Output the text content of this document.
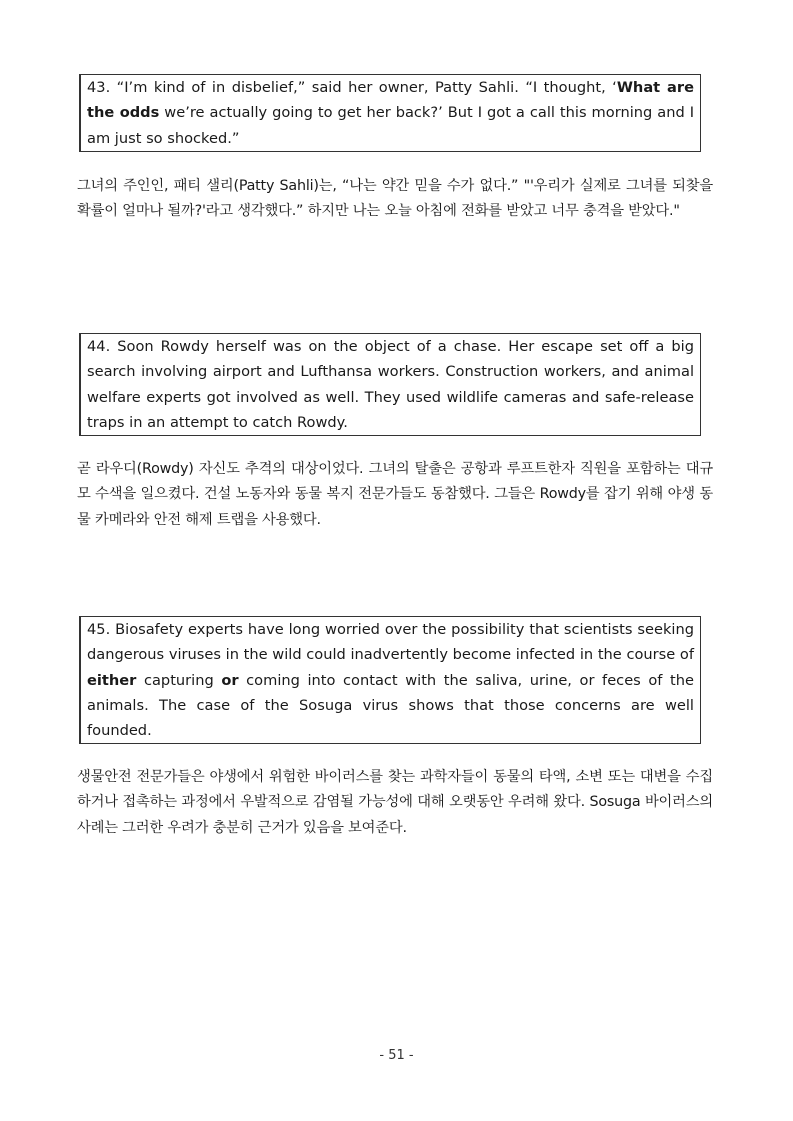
43. “I’m kind of in disbelief,” said her owner, Patty Sahli. “I thought, ‘What are the odds we’re actually going to get her back?’ But I got a call this morning and I am just so shocked.”
그녀의 주인인, 패티 샐리(Patty Sahli)는, “나는 약간 믿을 수가 없다.” "'우리가 실제로 그녀를 되찾을 확률이 얼마나 될까?'라고 생각했다.” 하지만 나는 오늘 아침에 전화를 받았고 너무 충격을 받았다."
44. Soon Rowdy herself was on the object of a chase. Her escape set off a big search involving airport and Lufthansa workers. Construction workers, and animal welfare experts got involved as well. They used wildlife cameras and safe-release traps in an attempt to catch Rowdy.
곧 라우디(Rowdy) 자신도 추격의 대상이었다. 그녀의 탈출은 공항과 루프트한자 직원을 포함하는 대규모 수색을 일으켰다. 건설 노동자와 동물 복지 전문가들도 동참했다. 그들은 Rowdy를 잡기 위해 야생 동물 카메라와 안전 해제 트랩을 사용했다.
45. Biosafety experts have long worried over the possibility that scientists seeking dangerous viruses in the wild could inadvertently become infected in the course of either capturing or coming into contact with the saliva, urine, or feces of the animals. The case of the Sosuga virus shows that those concerns are well founded.
생물안전 전문가들은 야생에서 위험한 바이러스를 찾는 과학자들이 동물의 타액, 소변 또는 대변을 수집하거나 접촉하는 과정에서 우발적으로 감염될 가능성에 대해 오랫동안 우려해 왔다. Sosuga 바이러스의 사례는 그러한 우려가 충분히 근거가 있음을 보여준다.
- 51 -
